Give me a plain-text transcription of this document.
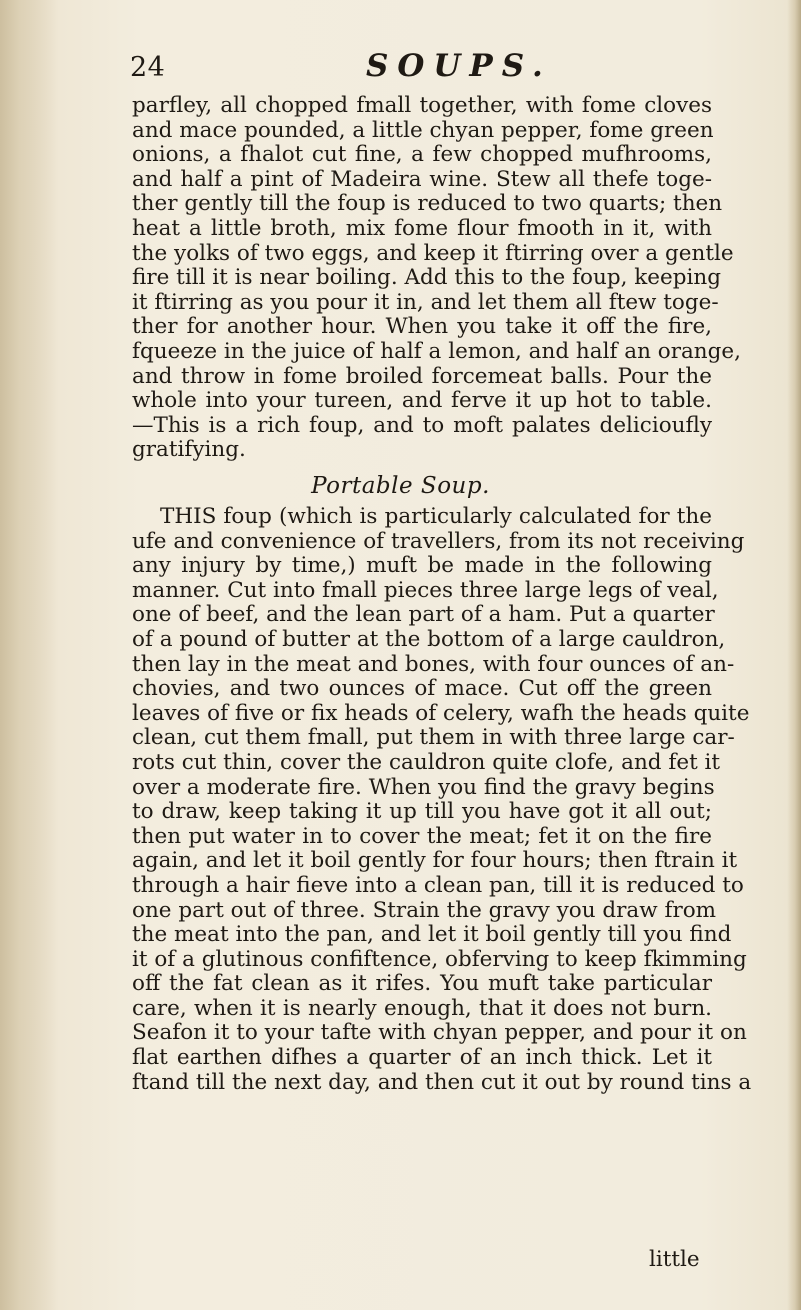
24	SOUPS.
parfley, all chopped fmall together, with fome cloves
and mace pounded, a little chyan pepper, fome green
onions, a fhalot cut fine, a few chopped mufhrooms,
and half a pint of Madeira wine. Stew all thefe toge-
ther gently till the foup is reduced to two quarts; then
heat a little broth, mix fome flour fmooth in it, with
the yolks of two eggs, and keep it ftirring over a gentle
fire till it is near boiling. Add this to the foup, keeping
it ftirring as you pour it in, and let them all ftew toge-
ther for another hour. When you take it off the fire,
fqueeze in the juice of half a lemon, and half an orange,
and throw in fome broiled forcemeat balls. Pour the
whole into your tureen, and ferve it up hot to table.
—This is a rich foup, and to moft palates delicioufly
gratifying.
Portable Soup.
THIS foup (which is particularly calculated for the
ufe and convenience of travellers, from its not receiving
any injury by time,) muft be made in the following
manner. Cut into fmall pieces three large legs of veal,
one of beef, and the lean part of a ham. Put a quarter
of a pound of butter at the bottom of a large cauldron,
then lay in the meat and bones, with four ounces of an-
chovies, and two ounces of mace. Cut off the green
leaves of five or fix heads of celery, wafh the heads quite
clean, cut them fmall, put them in with three large car-
rots cut thin, cover the cauldron quite clofe, and fet it
over a moderate fire. When you find the gravy begins
to draw, keep taking it up till you have got it all out;
then put water in to cover the meat; fet it on the fire
again, and let it boil gently for four hours; then ftrain it
through a hair fieve into a clean pan, till it is reduced to
one part out of three. Strain the gravy you draw from
the meat into the pan, and let it boil gently till you find
it of a glutinous confiftence, obferving to keep fkimming
off the fat clean as it rifes. You muft take particular
care, when it is nearly enough, that it does not burn.
Seafon it to your tafte with chyan pepper, and pour it on
flat earthen difhes a quarter of an inch thick. Let it
ftand till the next day, and then cut it out by round tins a
little
